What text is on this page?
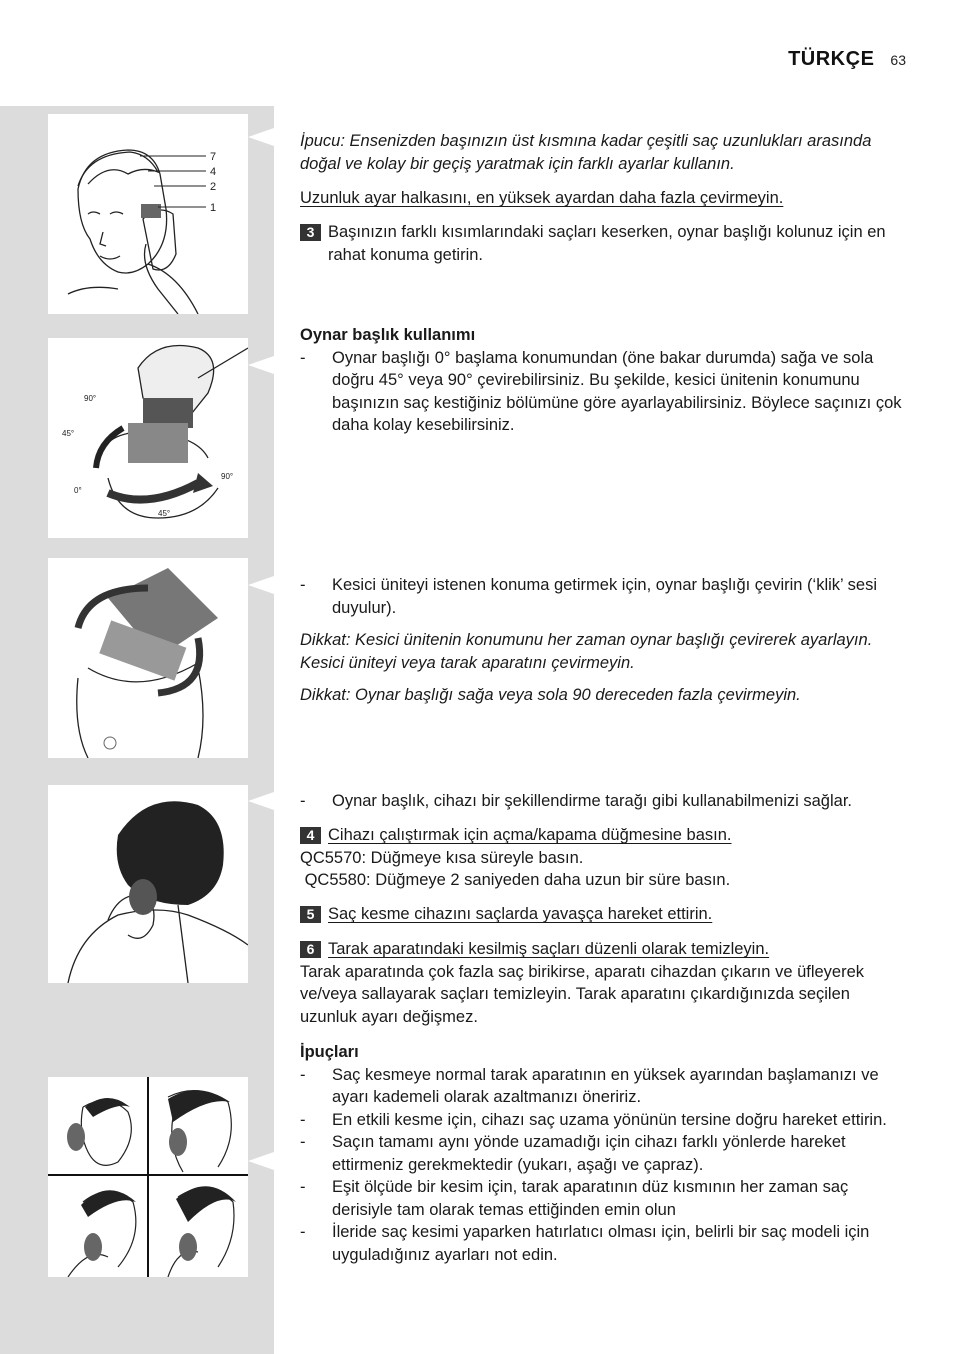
TÜRKÇE 63
7
4
2
1
90°
45°
0°	180°
90°
45°

İpucu: Ensenizden başınızın üst kısmına kadar çeşitli saç uzunlukları arasında doğal ve kolay bir geçiş yaratmak için farklı ayarlar kullanın.

Uzunluk ayar halkasını, en yüksek ayardan daha fazla çevirmeyin.

3 Başınızın farklı kısımlarındaki saçları keserken, oynar başlığı kolunuz için en rahat konuma getirin.

Oynar başlık kullanımı

-	Oynar başlığı 0° başlama konumundan (öne bakar durumda) sağa ve sola doğru 45° veya 90° çevirebilirsiniz. Bu şekilde, kesici ünitenin konumunu başınızın saç kestiğiniz bölümüne göre ayarlayabilirsiniz. Böylece saçınızı çok daha kolay kesebilirsiniz.
-	Kesici üniteyi istenen konuma getirmek için, oynar başlığı çevirin (‘klik’ sesi duyulur).

Dikkat: Kesici ünitenin konumunu her zaman oynar başlığı çevirerek ayarlayın. Kesici üniteyi veya tarak aparatını çevirmeyin.

Dikkat: Oynar başlığı sağa veya sola 90 dereceden fazla çevirmeyin.

-	Oynar başlık, cihazı bir şekillendirme tarağı gibi kullanabilmenizi sağlar.
4 Cihazı çalıştırmak için açma/kapama düğmesine basın.

QC5570: Düğmeye kısa süreyle basın.

QC5580: Düğmeye 2 saniyeden daha uzun bir süre basın.

5 Saç kesme cihazını saçlarda yavaşça hareket ettirin.
6 Tarak aparatındaki kesilmiş saçları düzenli olarak temizleyin.

Tarak aparatında çok fazla saç birikirse, aparatı cihazdan çıkarın ve üfleyerek ve/veya sallayarak saçları temizleyin. Tarak aparatını çıkardığınızda seçilen uzunluk ayarı değişmez.

İpuçları

-	Saç kesmeye normal tarak aparatının en yüksek ayarından başlamanızı ve ayarı kademeli olarak azaltmanızı öneririz.
-	En etkili kesme için, cihazı saç uzama yönünün tersine doğru hareket ettirin.
-	Saçın tamamı aynı yönde uzamadığı için cihazı farklı yönlerde hareket ettirmeniz gerekmektedir (yukarı, aşağı ve çapraz).
-	Eşit ölçüde bir kesim için, tarak aparatının düz kısmının her zaman saç derisiyle tam olarak temas ettiğinden emin olun
-	İleride saç kesimi yaparken hatırlatıcı olması için, belirli bir saç modeli için uyguladığınız ayarları not edin.
